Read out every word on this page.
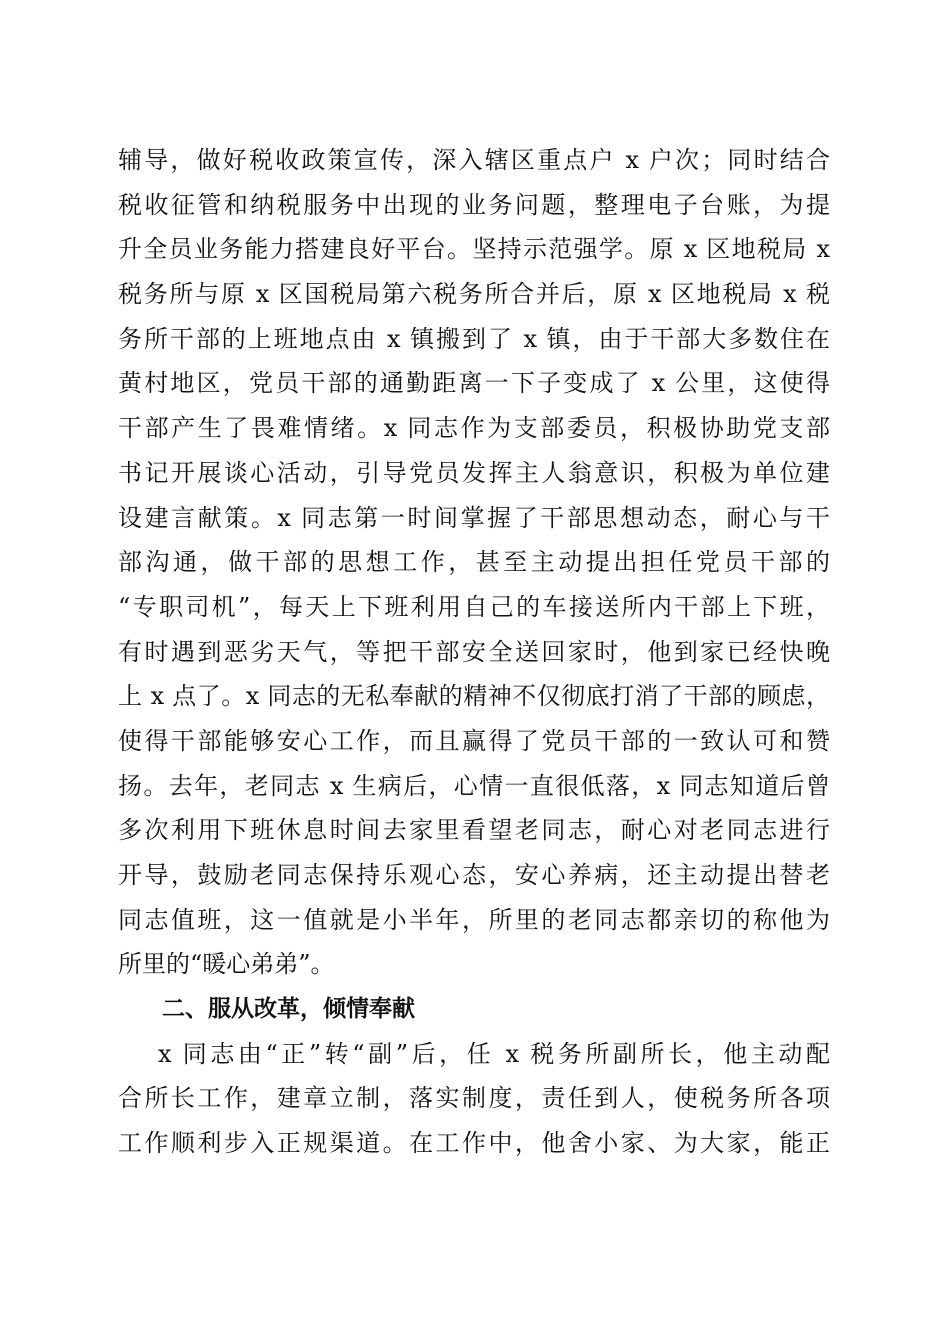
辅导，做好税收政策宣传，深入辖区重点户 x 户次；同时结合
税收征管和纳税服务中出现的业务问题，整理电子台账，为提
升全员业务能力搭建良好平台。坚持示范强学。原 x 区地税局 x
税务所与原 x 区国税局第六税务所合并后，原 x 区地税局 x 税
务所干部的上班地点由 x 镇搬到了 x 镇，由于干部大多数住在
黄村地区，党员干部的通勤距离一下子变成了 x 公里，这使得
干部产生了畏难情绪。x 同志作为支部委员，积极协助党支部
书记开展谈心活动，引导党员发挥主人翁意识，积极为单位建
设建言献策。x 同志第一时间掌握了干部思想动态，耐心与干
部沟通，做干部的思想工作，甚至主动提出担任党员干部的
“专职司机”，每天上下班利用自己的车接送所内干部上下班，
有时遇到恶劣天气，等把干部安全送回家时，他到家已经快晚
上 x 点了。x 同志的无私奉献的精神不仅彻底打消了干部的顾虑，
使得干部能够安心工作，而且赢得了党员干部的一致认可和赞
扬。去年，老同志 x 生病后，心情一直很低落，x 同志知道后曾
多次利用下班休息时间去家里看望老同志，耐心对老同志进行
开导，鼓励老同志保持乐观心态，安心养病，还主动提出替老
同志值班，这一值就是小半年，所里的老同志都亲切的称他为
所里的“暖心弟弟”。
二、服从改革，倾情奉献
x 同志由“正”转“副”后，任 x 税务所副所长，他主动配
合所长工作，建章立制，落实制度，责任到人，使税务所各项
工作顺利步入正规渠道。在工作中，他舍小家、为大家，能正
